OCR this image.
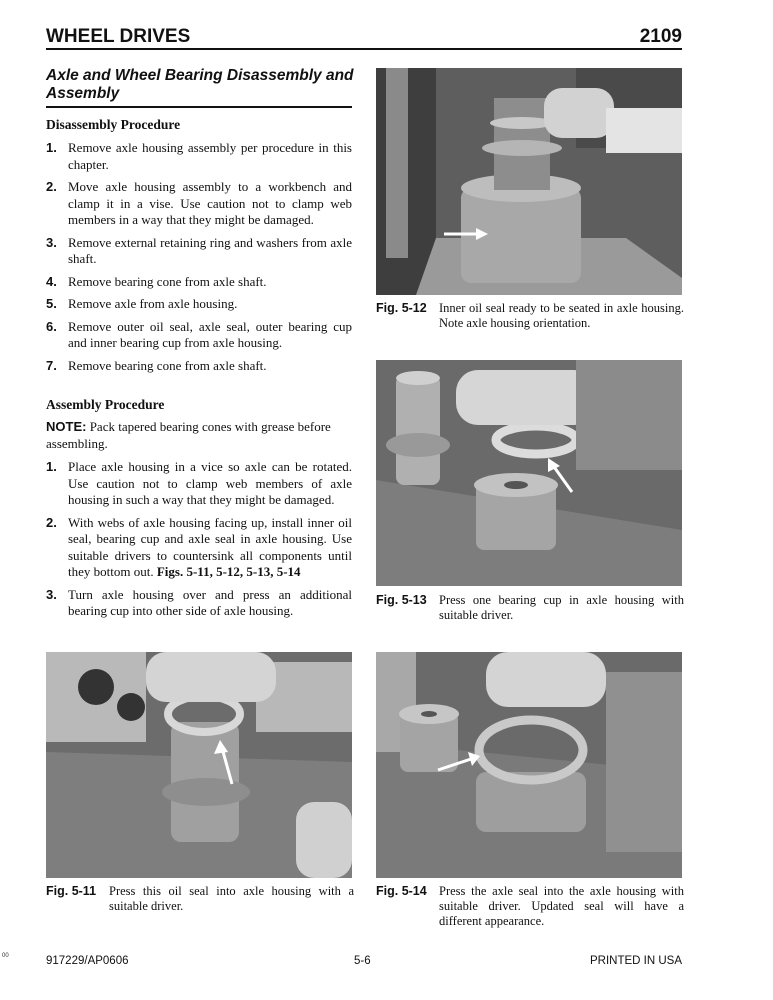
WHEEL DRIVES	2109
Axle and Wheel Bearing Disassembly and Assembly
Disassembly Procedure
1. Remove axle housing assembly per procedure in this chapter.
2. Move axle housing assembly to a workbench and clamp it in a vise. Use caution not to clamp web members in a way that they might be damaged.
3. Remove external retaining ring and washers from axle shaft.
4. Remove bearing cone from axle shaft.
5. Remove axle from axle housing.
6. Remove outer oil seal, axle seal, outer bearing cup and inner bearing cup from axle housing.
7. Remove bearing cone from axle shaft.
Assembly Procedure
NOTE: Pack tapered bearing cones with grease before assembling.
1. Place axle housing in a vice so axle can be rotated. Use caution not to clamp web members of axle housing in such a way that they might be damaged.
2. With webs of axle housing facing up, install inner oil seal, bearing cup and axle seal in axle housing. Use suitable drivers to countersink all components until they bottom out. Figs. 5-11, 5-12, 5-13, 5-14
3. Turn axle housing over and press an additional bearing cup into other side of axle housing.
Fig. 5-12 Inner oil seal ready to be seated in axle housing. Note axle housing orientation.
Fig. 5-13 Press one bearing cup in axle housing with suitable driver.
Fig. 5-11 Press this oil seal into axle housing with a suitable driver.
Fig. 5-14 Press the axle seal into the axle housing with suitable driver. Updated seal will have a different appearance.
00	917229/AP0606	5-6	PRINTED IN USA
